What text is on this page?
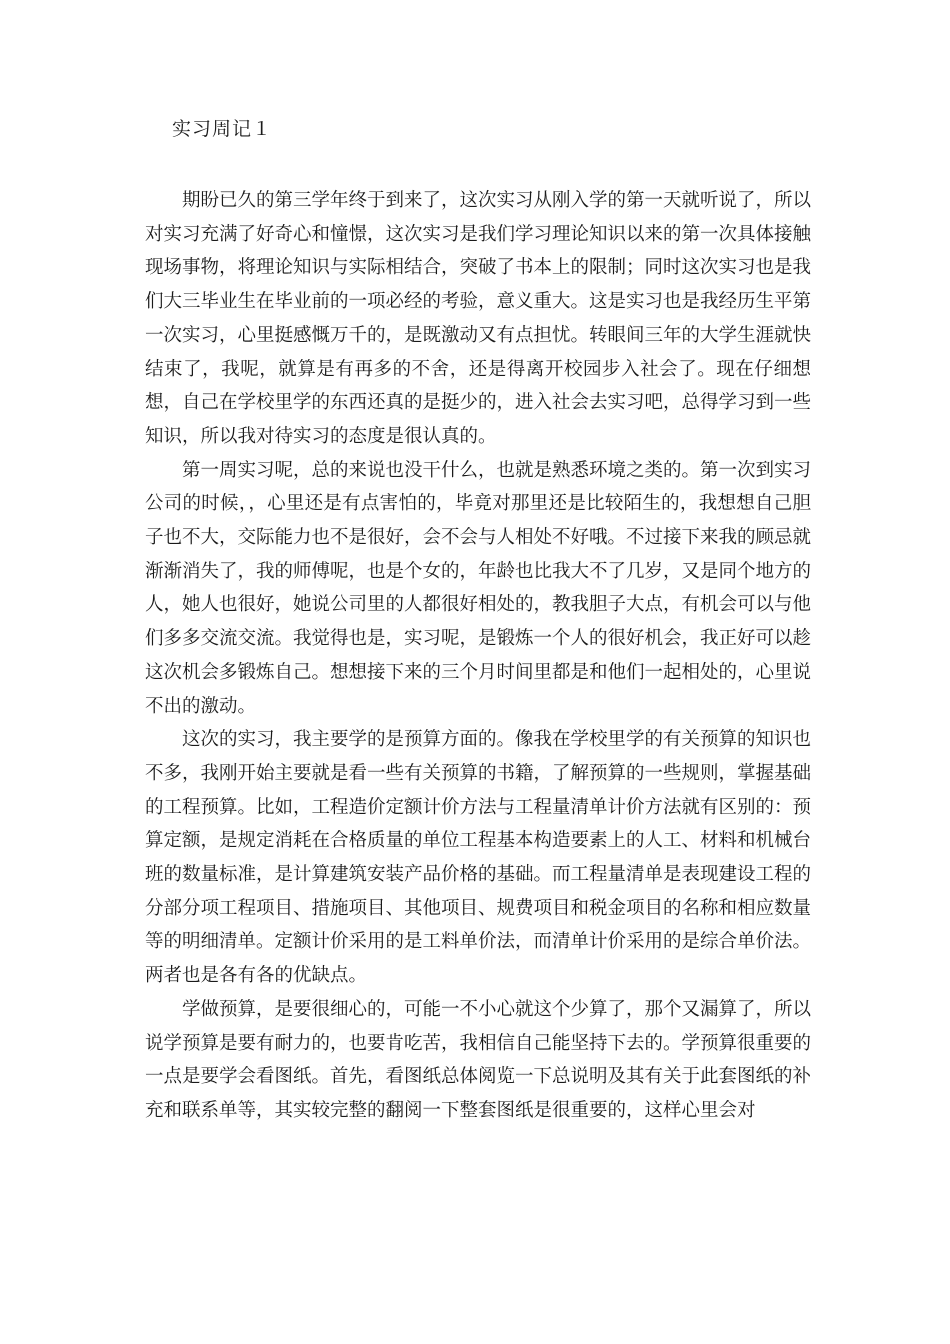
实习周记１

期盼已久的第三学年终于到来了，这次实习从刚入学的第一天就听说了，所以对实习充满了好奇心和憧憬，这次实习是我们学习理论知识以来的第一次具体接触现场事物，将理论知识与实际相结合，突破了书本上的限制；同时这次实习也是我们大三毕业生在毕业前的一项必经的考验，意义重大。这是实习也是我经历生平第一次实习，心里挺感慨万千的，是既激动又有点担忧。转眼间三年的大学生涯就快结束了，我呢，就算是有再多的不舍，还是得离开校园步入社会了。现在仔细想想，自己在学校里学的东西还真的是挺少的，进入社会去实习吧，总得学习到一些知识，所以我对待实习的态度是很认真的。

第一周实习呢，总的来说也没干什么，也就是熟悉环境之类的。第一次到实习公司的时候，，心里还是有点害怕的，毕竟对那里还是比较陌生的，我想想自己胆子也不大，交际能力也不是很好，会不会与人相处不好哦。不过接下来我的顾忌就渐渐消失了，我的师傅呢，也是个女的，年龄也比我大不了几岁，又是同个地方的人，她人也很好，她说公司里的人都很好相处的，教我胆子大点，有机会可以与他们多多交流交流。我觉得也是，实习呢，是锻炼一个人的很好机会，我正好可以趁这次机会多锻炼自己。想想接下来的三个月时间里都是和他们一起相处的，心里说不出的激动。

这次的实习，我主要学的是预算方面的。像我在学校里学的有关预算的知识也不多，我刚开始主要就是看一些有关预算的书籍，了解预算的一些规则，掌握基础的工程预算。比如，工程造价定额计价方法与工程量清单计价方法就有区别的：预算定额，是规定消耗在合格质量的单位工程基本构造要素上的人工、材料和机械台班的数量标准，是计算建筑安装产品价格的基础。而工程量清单是表现建设工程的分部分项工程项目、措施项目、其他项目、规费项目和税金项目的名称和相应数量等的明细清单。定额计价采用的是工料单价法，而清单计价采用的是综合单价法。两者也是各有各的优缺点。

学做预算，是要很细心的，可能一不小心就这个少算了，那个又漏算了，所以说学预算是要有耐力的，也要肯吃苦，我相信自己能坚持下去的。学预算很重要的一点是要学会看图纸。首先，看图纸总体阅览一下总说明及其有关于此套图纸的补充和联系单等，其实较完整的翻阅一下整套图纸是很重要的，这样心里会对
